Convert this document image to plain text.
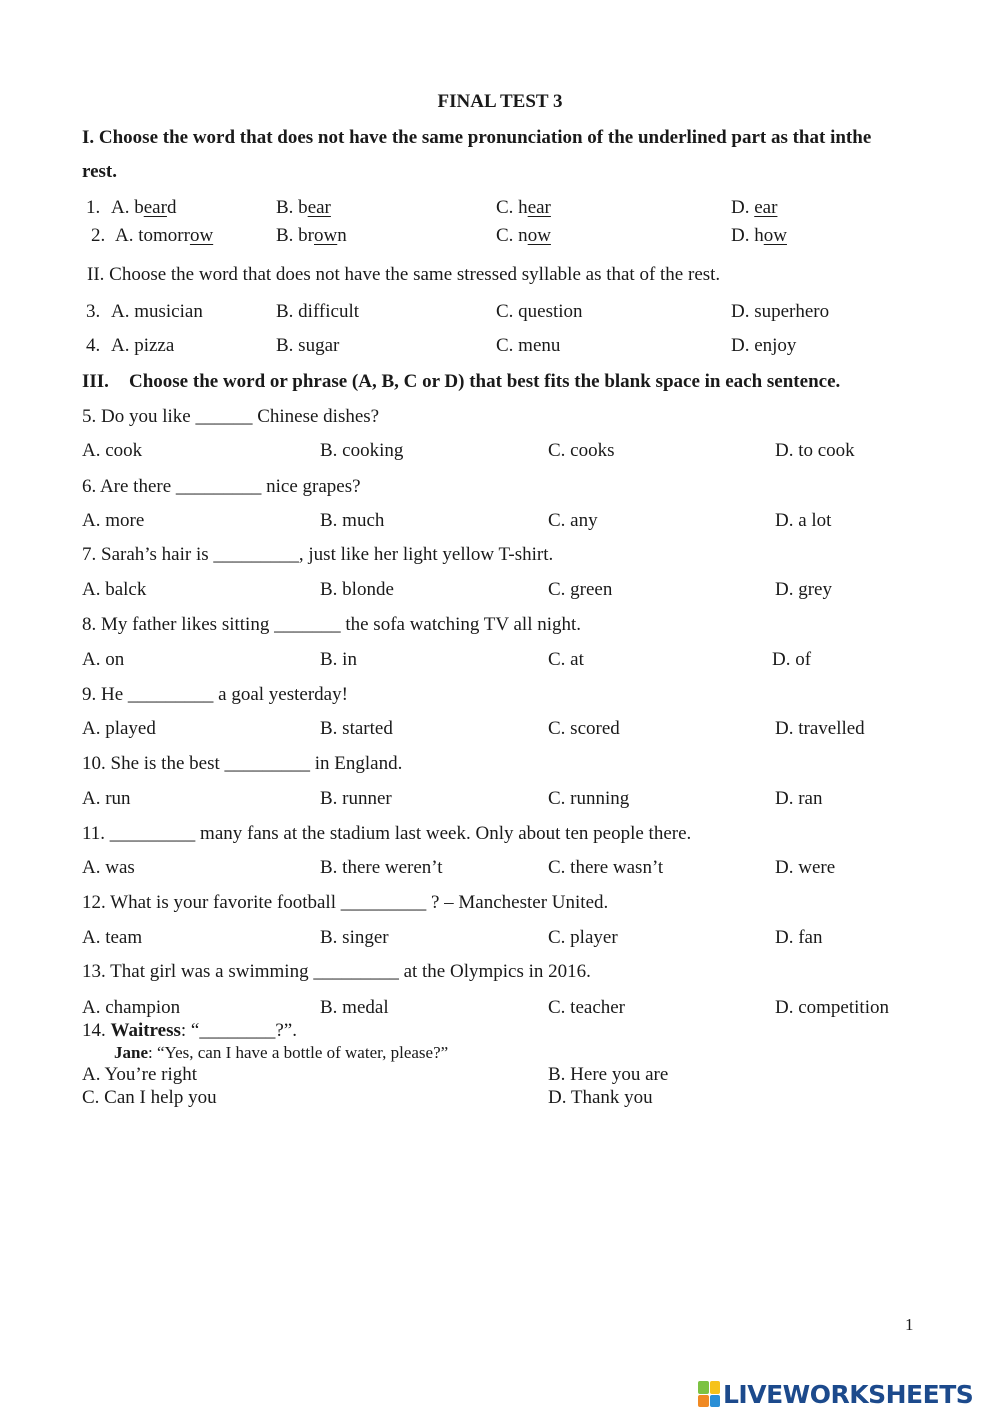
FINAL TEST 3
I. Choose the word that does not have the same pronunciation of the underlined part as that inthe
rest.
1. A. beard	B. bear	C. hear	D. ear
2. A. tomorrow	B. brown	C. now	D. how
II. Choose the word that does not have the same stressed syllable as that of the rest.
3. A. musician	B. difficult	C. question	D. superhero
4. A. pizza	B. sugar	C. menu	D. enjoy
III. Choose the word or phrase (A, B, C or D) that best fits the blank space in each sentence.
5. Do you like ______ Chinese dishes?
A. cook	B. cooking	C. cooks	D. to cook
6. Are there _________ nice grapes?
A. more	B. much	C. any	D. a lot
7. Sarah’s hair is _________, just like her light yellow T-shirt.
A. balck	B. blonde	C. green	D. grey
8. My father likes sitting _______ the sofa watching TV all night.
A. on	B. in	C. at	D. of
9. He _________ a goal yesterday!
A. played	B. started	C. scored	D. travelled
10. She is the best _________ in England.
A. run	B. runner	C. running	D. ran
11. _________ many fans at the stadium last week. Only about ten people there.
A. was	B. there weren’t	C. there wasn’t	D. were
12. What is your favorite football _________ ? – Manchester United.
A. team	B. singer	C. player	D. fan
13. That girl was a swimming _________ at the Olympics in 2016.
A. champion	B. medal	C. teacher	D. competition
14. Waitress: “________?”.
Jane: “Yes, can I have a bottle of water, please?”
A. You’re right	B. Here you are
C. Can I help you	D. Thank you
1
LIVEWORKSHEETS
